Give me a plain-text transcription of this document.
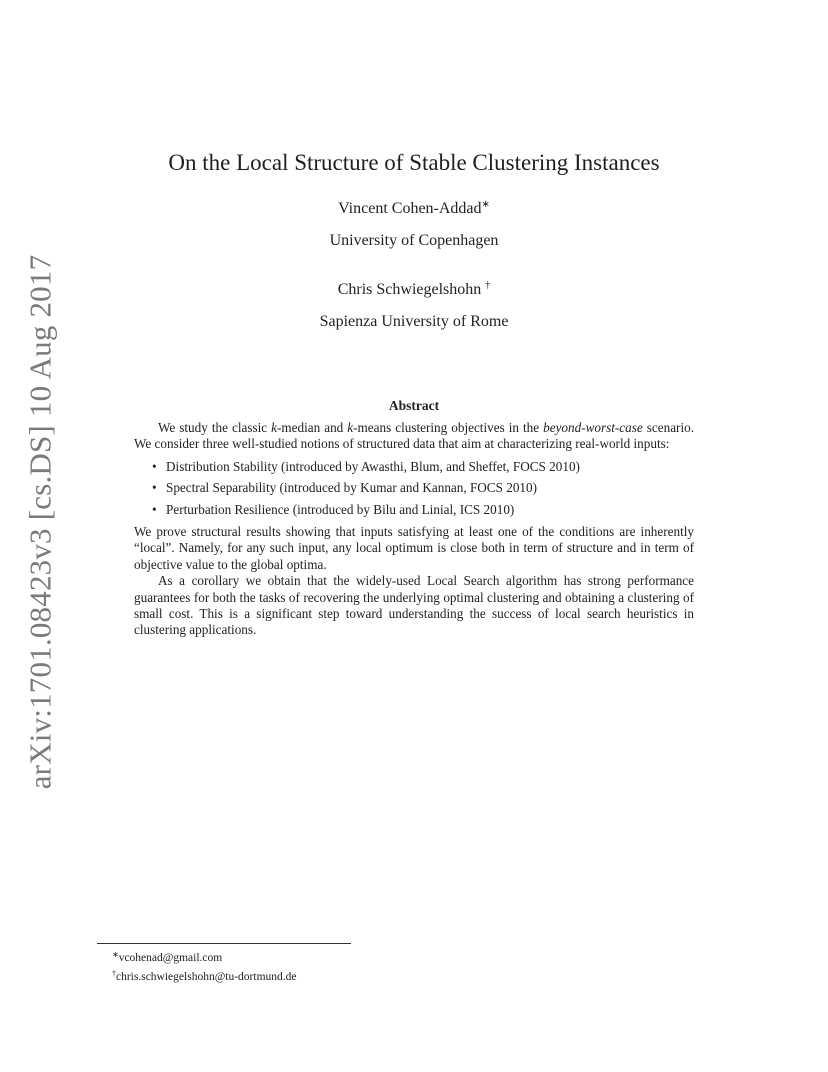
arXiv:1701.08423v3 [cs.DS] 10 Aug 2017
On the Local Structure of Stable Clustering Instances
Vincent Cohen-Addad∗
University of Copenhagen
Chris Schwiegelshohn †
Sapienza University of Rome
Abstract

We study the classic k-median and k-means clustering objectives in the beyond-worst-case scenario. We consider three well-studied notions of structured data that aim at characterizing real-world inputs:

• Distribution Stability (introduced by Awasthi, Blum, and Sheffet, FOCS 2010)
• Spectral Separability (introduced by Kumar and Kannan, FOCS 2010)
• Perturbation Resilience (introduced by Bilu and Linial, ICS 2010)

We prove structural results showing that inputs satisfying at least one of the conditions are inherently “local”. Namely, for any such input, any local optimum is close both in term of structure and in term of objective value to the global optima.

As a corollary we obtain that the widely-used Local Search algorithm has strong performance guarantees for both the tasks of recovering the underlying optimal clustering and obtaining a clustering of small cost. This is a significant step toward understanding the success of local search heuristics in clustering applications.

∗vcohenad@gmail.com
†chris.schwiegelshohn@tu-dortmund.de
